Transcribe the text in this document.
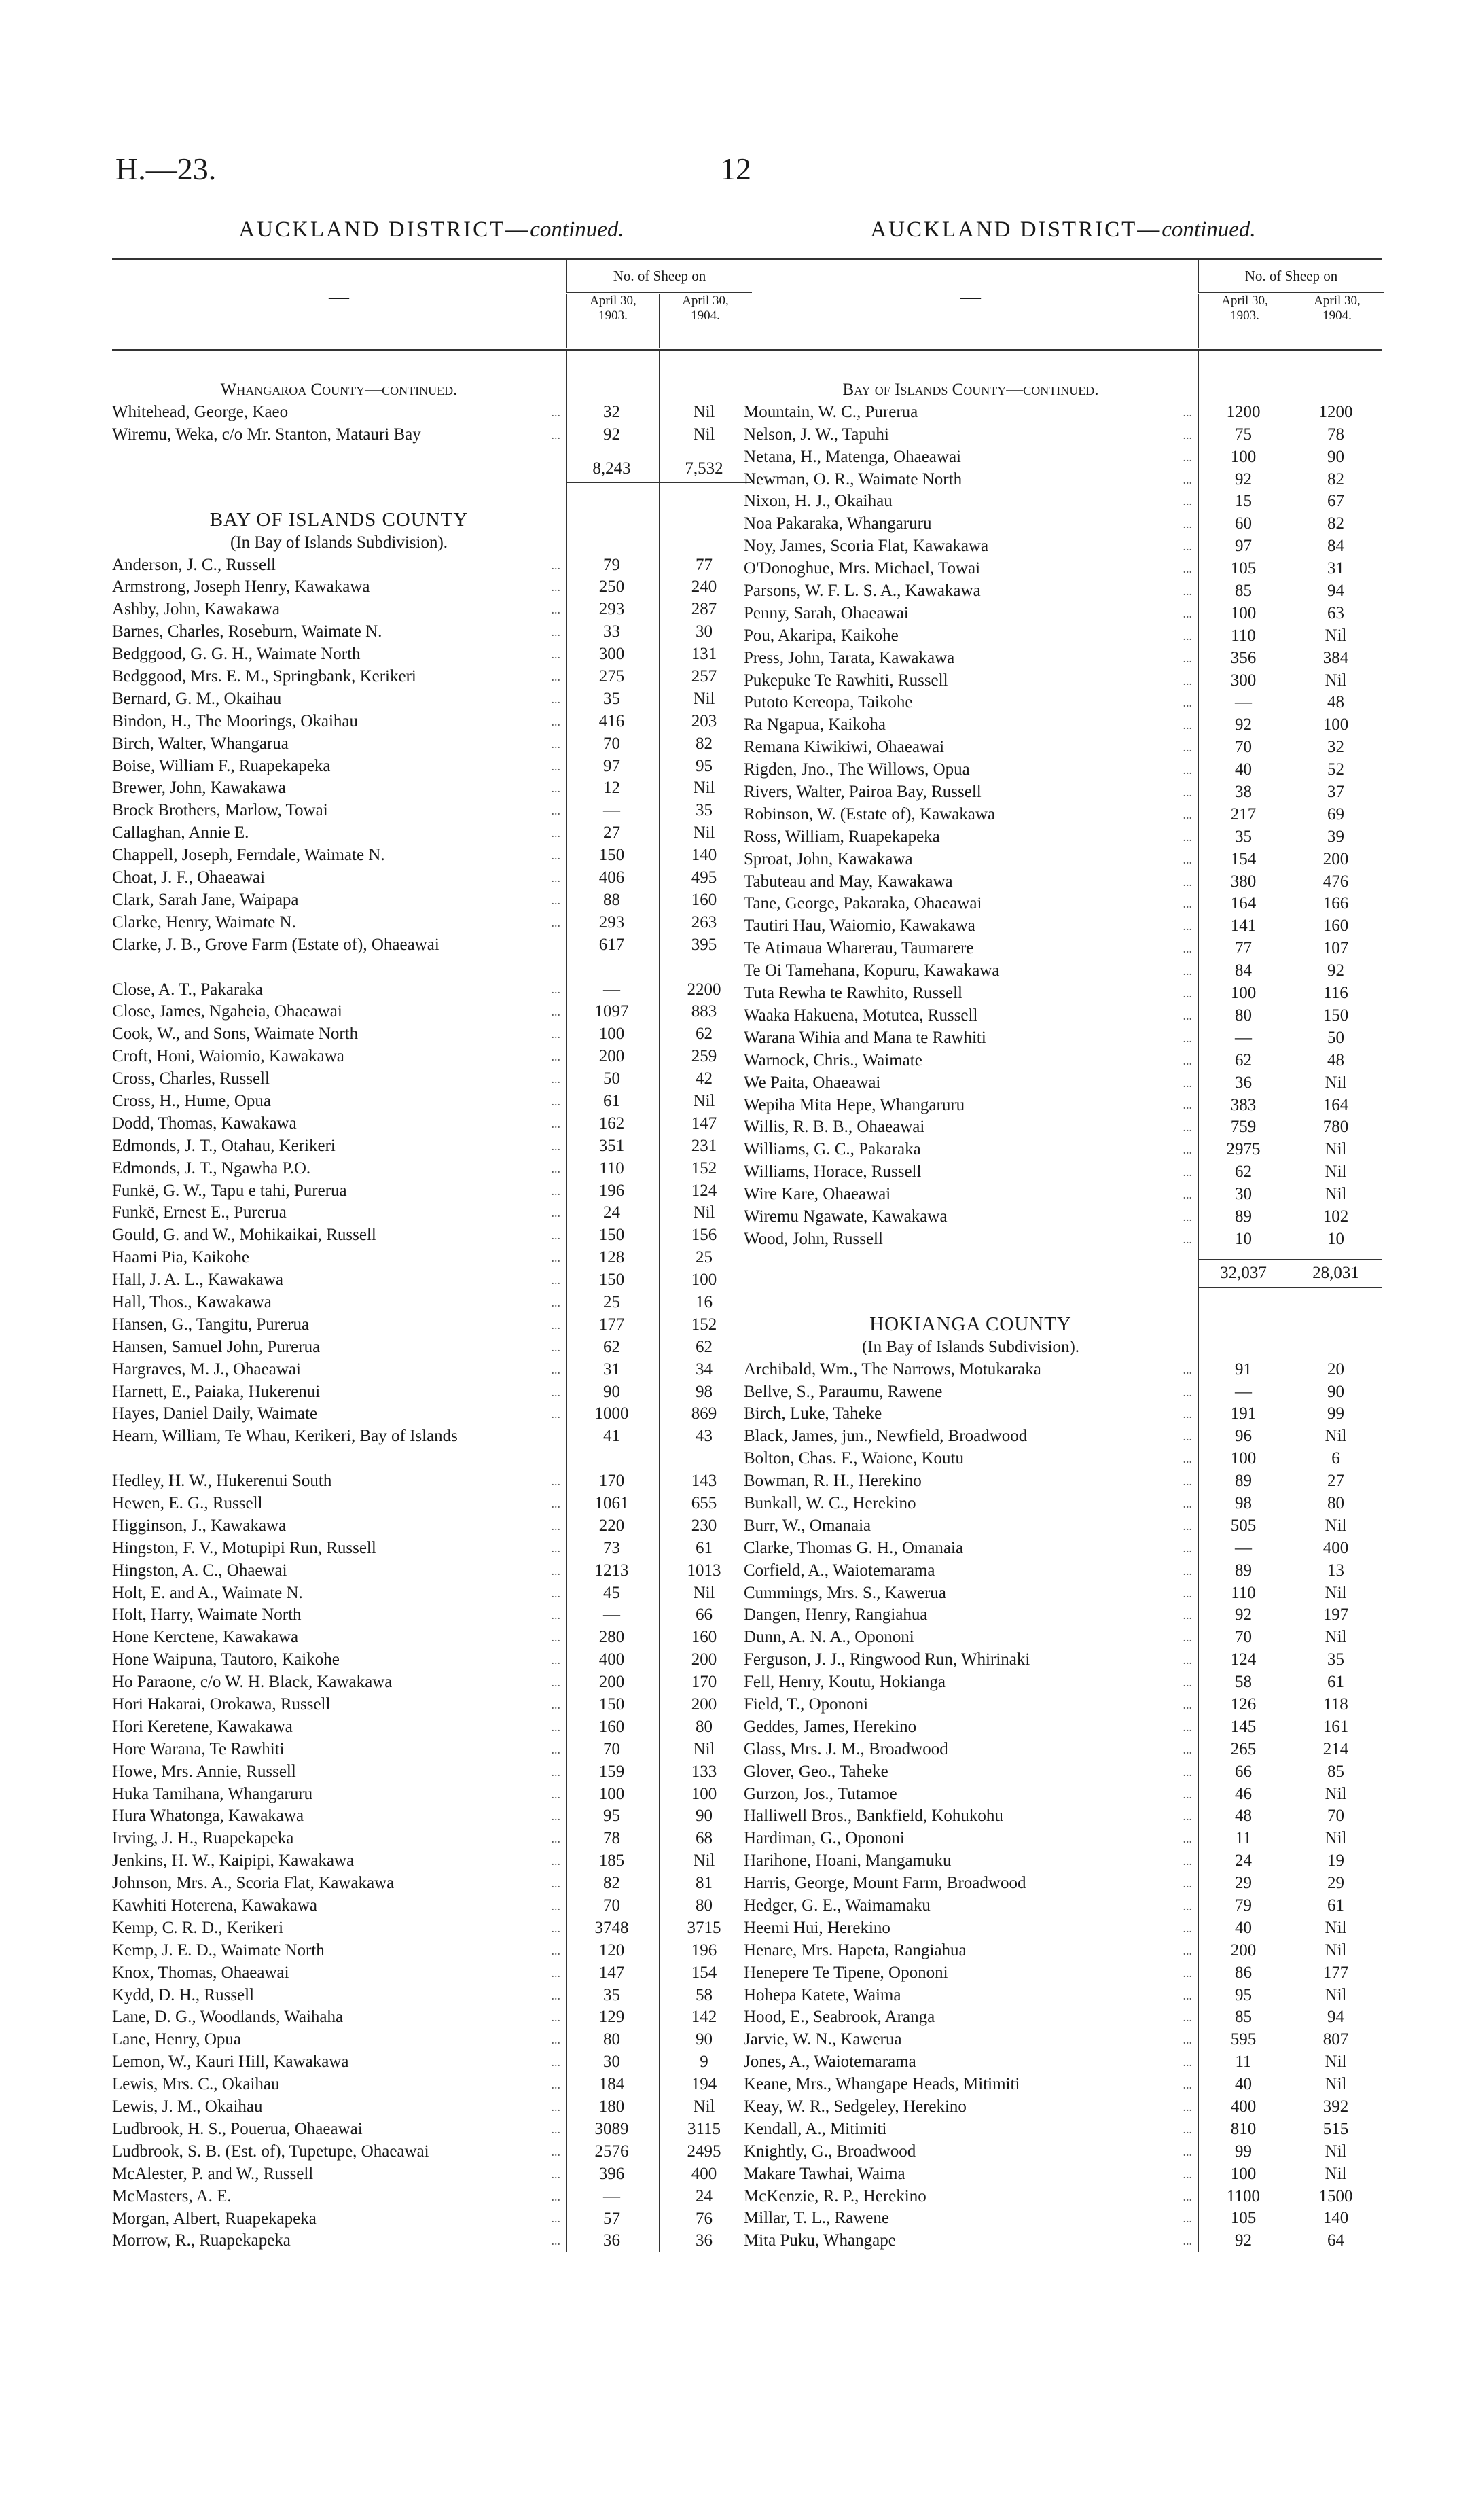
H.—23.	12
AUCKLAND DISTRICT—continued.
—
No. of Sheep on
April 30,
1903.
April 30,
1904.
Whangaroa County—continued.
Whitehead, George, Kaeo ...	32	Nil
Wiremu, Weka, c/o Mr. Stanton, Matauri Bay ...	92	Nil
8,243	7,532
BAY OF ISLANDS COUNTY
(In Bay of Islands Subdivision).
Anderson, J. C., Russell ...	79	77
Armstrong, Joseph Henry, Kawakawa ...	250	240
Ashby, John, Kawakawa ...	293	287
Barnes, Charles, Roseburn, Waimate N. ...	33	30
Bedggood, G. G. H., Waimate North ...	300	131
Bedggood, Mrs. E. M., Springbank, Kerikeri ...	275	257
Bernard, G. M., Okaihau ...	35	Nil
Bindon, H., The Moorings, Okaihau ...	416	203
Birch, Walter, Whangarua ...	70	82
Boise, William F., Ruapekapeka ...	97	95
Brewer, John, Kawakawa ...	12	Nil
Brock Brothers, Marlow, Towai ...	—	35
Callaghan, Annie E. ...	27	Nil
Chappell, Joseph, Ferndale, Waimate N. ...	150	140
Choat, J. F., Ohaeawai ...	406	495
Clark, Sarah Jane, Waipapa ...	88	160
Clarke, Henry, Waimate N. ...	293	263
Clarke, J. B., Grove Farm (Estate of), Ohaeawai	617	395
Close, A. T., Pakaraka ...	—	2200
Close, James, Ngaheia, Ohaeawai ...	1097	883
Cook, W., and Sons, Waimate North ...	100	62
Croft, Honi, Waiomio, Kawakawa ...	200	259
Cross, Charles, Russell ...	50	42
Cross, H., Hume, Opua ...	61	Nil
Dodd, Thomas, Kawakawa ...	162	147
Edmonds, J. T., Otahau, Kerikeri ...	351	231
Edmonds, J. T., Ngawha P.O. ...	110	152
Funkë, G. W., Tapu e tahi, Purerua ...	196	124
Funkë, Ernest E., Purerua ...	24	Nil
Gould, G. and W., Mohikaikai, Russell ...	150	156
Haami Pia, Kaikohe ...	128	25
Hall, J. A. L., Kawakawa ...	150	100
Hall, Thos., Kawakawa ...	25	16
Hansen, G., Tangitu, Purerua ...	177	152
Hansen, Samuel John, Purerua ...	62	62
Hargraves, M. J., Ohaeawai ...	31	34
Harnett, E., Paiaka, Hukerenui ...	90	98
Hayes, Daniel Daily, Waimate ...	1000	869
Hearn, William, Te Whau, Kerikeri, Bay of Islands	41	43
Hedley, H. W., Hukerenui South ...	170	143
Hewen, E. G., Russell ...	1061	655
Higginson, J., Kawakawa ...	220	230
Hingston, F. V., Motupipi Run, Russell ...	73	61
Hingston, A. C., Ohaewai ...	1213	1013
Holt, E. and A., Waimate N. ...	45	Nil
Holt, Harry, Waimate North ...	—	66
Hone Kerctene, Kawakawa ...	280	160
Hone Waipuna, Tautoro, Kaikohe ...	400	200
Ho Paraone, c/o W. H. Black, Kawakawa ...	200	170
Hori Hakarai, Orokawa, Russell ...	150	200
Hori Keretene, Kawakawa ...	160	80
Hore Warana, Te Rawhiti ...	70	Nil
Howe, Mrs. Annie, Russell ...	159	133
Huka Tamihana, Whangaruru ...	100	100
Hura Whatonga, Kawakawa ...	95	90
Irving, J. H., Ruapekapeka ...	78	68
Jenkins, H. W., Kaipipi, Kawakawa ...	185	Nil
Johnson, Mrs. A., Scoria Flat, Kawakawa ...	82	81
Kawhiti Hoterena, Kawakawa ...	70	80
Kemp, C. R. D., Kerikeri ...	3748	3715
Kemp, J. E. D., Waimate North ...	120	196
Knox, Thomas, Ohaeawai ...	147	154
Kydd, D. H., Russell ...	35	58
Lane, D. G., Woodlands, Waihaha ...	129	142
Lane, Henry, Opua ...	80	90
Lemon, W., Kauri Hill, Kawakawa ...	30	9
Lewis, Mrs. C., Okaihau ...	184	194
Lewis, J. M., Okaihau ...	180	Nil
Ludbrook, H. S., Pouerua, Ohaeawai ...	3089	3115
Ludbrook, S. B. (Est. of), Tupetupe, Ohaeawai ...	2576	2495
McAlester, P. and W., Russell ...	396	400
McMasters, A. E. ...	—	24
Morgan, Albert, Ruapekapeka ...	57	76
Morrow, R., Ruapekapeka ...	36	36
AUCKLAND DISTRICT—continued.
—
No. of Sheep on
April 30,
1903.
April 30,
1904.
Bay of Islands County—continued.
Mountain, W. C., Purerua ...	1200	1200
Nelson, J. W., Tapuhi ...	75	78
Netana, H., Matenga, Ohaeawai ...	100	90
Newman, O. R., Waimate North ...	92	82
Nixon, H. J., Okaihau ...	15	67
Noa Pakaraka, Whangaruru ...	60	82
Noy, James, Scoria Flat, Kawakawa ...	97	84
O'Donoghue, Mrs. Michael, Towai ...	105	31
Parsons, W. F. L. S. A., Kawakawa ...	85	94
Penny, Sarah, Ohaeawai ...	100	63
Pou, Akaripa, Kaikohe ...	110	Nil
Press, John, Tarata, Kawakawa ...	356	384
Pukepuke Te Rawhiti, Russell ...	300	Nil
Putoto Kereopa, Taikohe ...	—	48
Ra Ngapua, Kaikoha ...	92	100
Remana Kiwikiwi, Ohaeawai ...	70	32
Rigden, Jno., The Willows, Opua ...	40	52
Rivers, Walter, Pairoa Bay, Russell ...	38	37
Robinson, W. (Estate of), Kawakawa ...	217	69
Ross, William, Ruapekapeka ...	35	39
Sproat, John, Kawakawa ...	154	200
Tabuteau and May, Kawakawa ...	380	476
Tane, George, Pakaraka, Ohaeawai ...	164	166
Tautiri Hau, Waiomio, Kawakawa ...	141	160
Te Atimaua Wharerau, Taumarere ...	77	107
Te Oi Tamehana, Kopuru, Kawakawa ...	84	92
Tuta Rewha te Rawhito, Russell ...	100	116
Waaka Hakuena, Motutea, Russell ...	80	150
Warana Wihia and Mana te Rawhiti ...	—	50
Warnock, Chris., Waimate ...	62	48
We Paita, Ohaeawai ...	36	Nil
Wepiha Mita Hepe, Whangaruru ...	383	164
Willis, R. B. B., Ohaeawai ...	759	780
Williams, G. C., Pakaraka ...	2975	Nil
Williams, Horace, Russell ...	62	Nil
Wire Kare, Ohaeawai ...	30	Nil
Wiremu Ngawate, Kawakawa ...	89	102
Wood, John, Russell ...	10	10
32,037	28,031
HOKIANGA COUNTY
(In Bay of Islands Subdivision).
Archibald, Wm., The Narrows, Motukaraka ...	91	20
Bellve, S., Paraumu, Rawene ...	—	90
Birch, Luke, Taheke ...	191	99
Black, James, jun., Newfield, Broadwood ...	96	Nil
Bolton, Chas. F., Waione, Koutu ...	100	6
Bowman, R. H., Herekino ...	89	27
Bunkall, W. C., Herekino ...	98	80
Burr, W., Omanaia ...	505	Nil
Clarke, Thomas G. H., Omanaia ...	—	400
Corfield, A., Waiotemarama ...	89	13
Cummings, Mrs. S., Kawerua ...	110	Nil
Dangen, Henry, Rangiahua ...	92	197
Dunn, A. N. A., Opononi ...	70	Nil
Ferguson, J. J., Ringwood Run, Whirinaki ...	124	35
Fell, Henry, Koutu, Hokianga ...	58	61
Field, T., Opononi ...	126	118
Geddes, James, Herekino ...	145	161
Glass, Mrs. J. M., Broadwood ...	265	214
Glover, Geo., Taheke ...	66	85
Gurzon, Jos., Tutamoe ...	46	Nil
Halliwell Bros., Bankfield, Kohukohu ...	48	70
Hardiman, G., Opononi ...	11	Nil
Harihone, Hoani, Mangamuku ...	24	19
Harris, George, Mount Farm, Broadwood ...	29	29
Hedger, G. E., Waimamaku ...	79	61
Heemi Hui, Herekino ...	40	Nil
Henare, Mrs. Hapeta, Rangiahua ...	200	Nil
Henepere Te Tipene, Opononi ...	86	177
Hohepa Katete, Waima ...	95	Nil
Hood, E., Seabrook, Aranga ...	85	94
Jarvie, W. N., Kawerua ...	595	807
Jones, A., Waiotemarama ...	11	Nil
Keane, Mrs., Whangape Heads, Mitimiti ...	40	Nil
Keay, W. R., Sedgeley, Herekino ...	400	392
Kendall, A., Mitimiti ...	810	515
Knightly, G., Broadwood ...	99	Nil
Makare Tawhai, Waima ...	100	Nil
McKenzie, R. P., Herekino ...	1100	1500
Millar, T. L., Rawene ...	105	140
Mita Puku, Whangape ...	92	64
